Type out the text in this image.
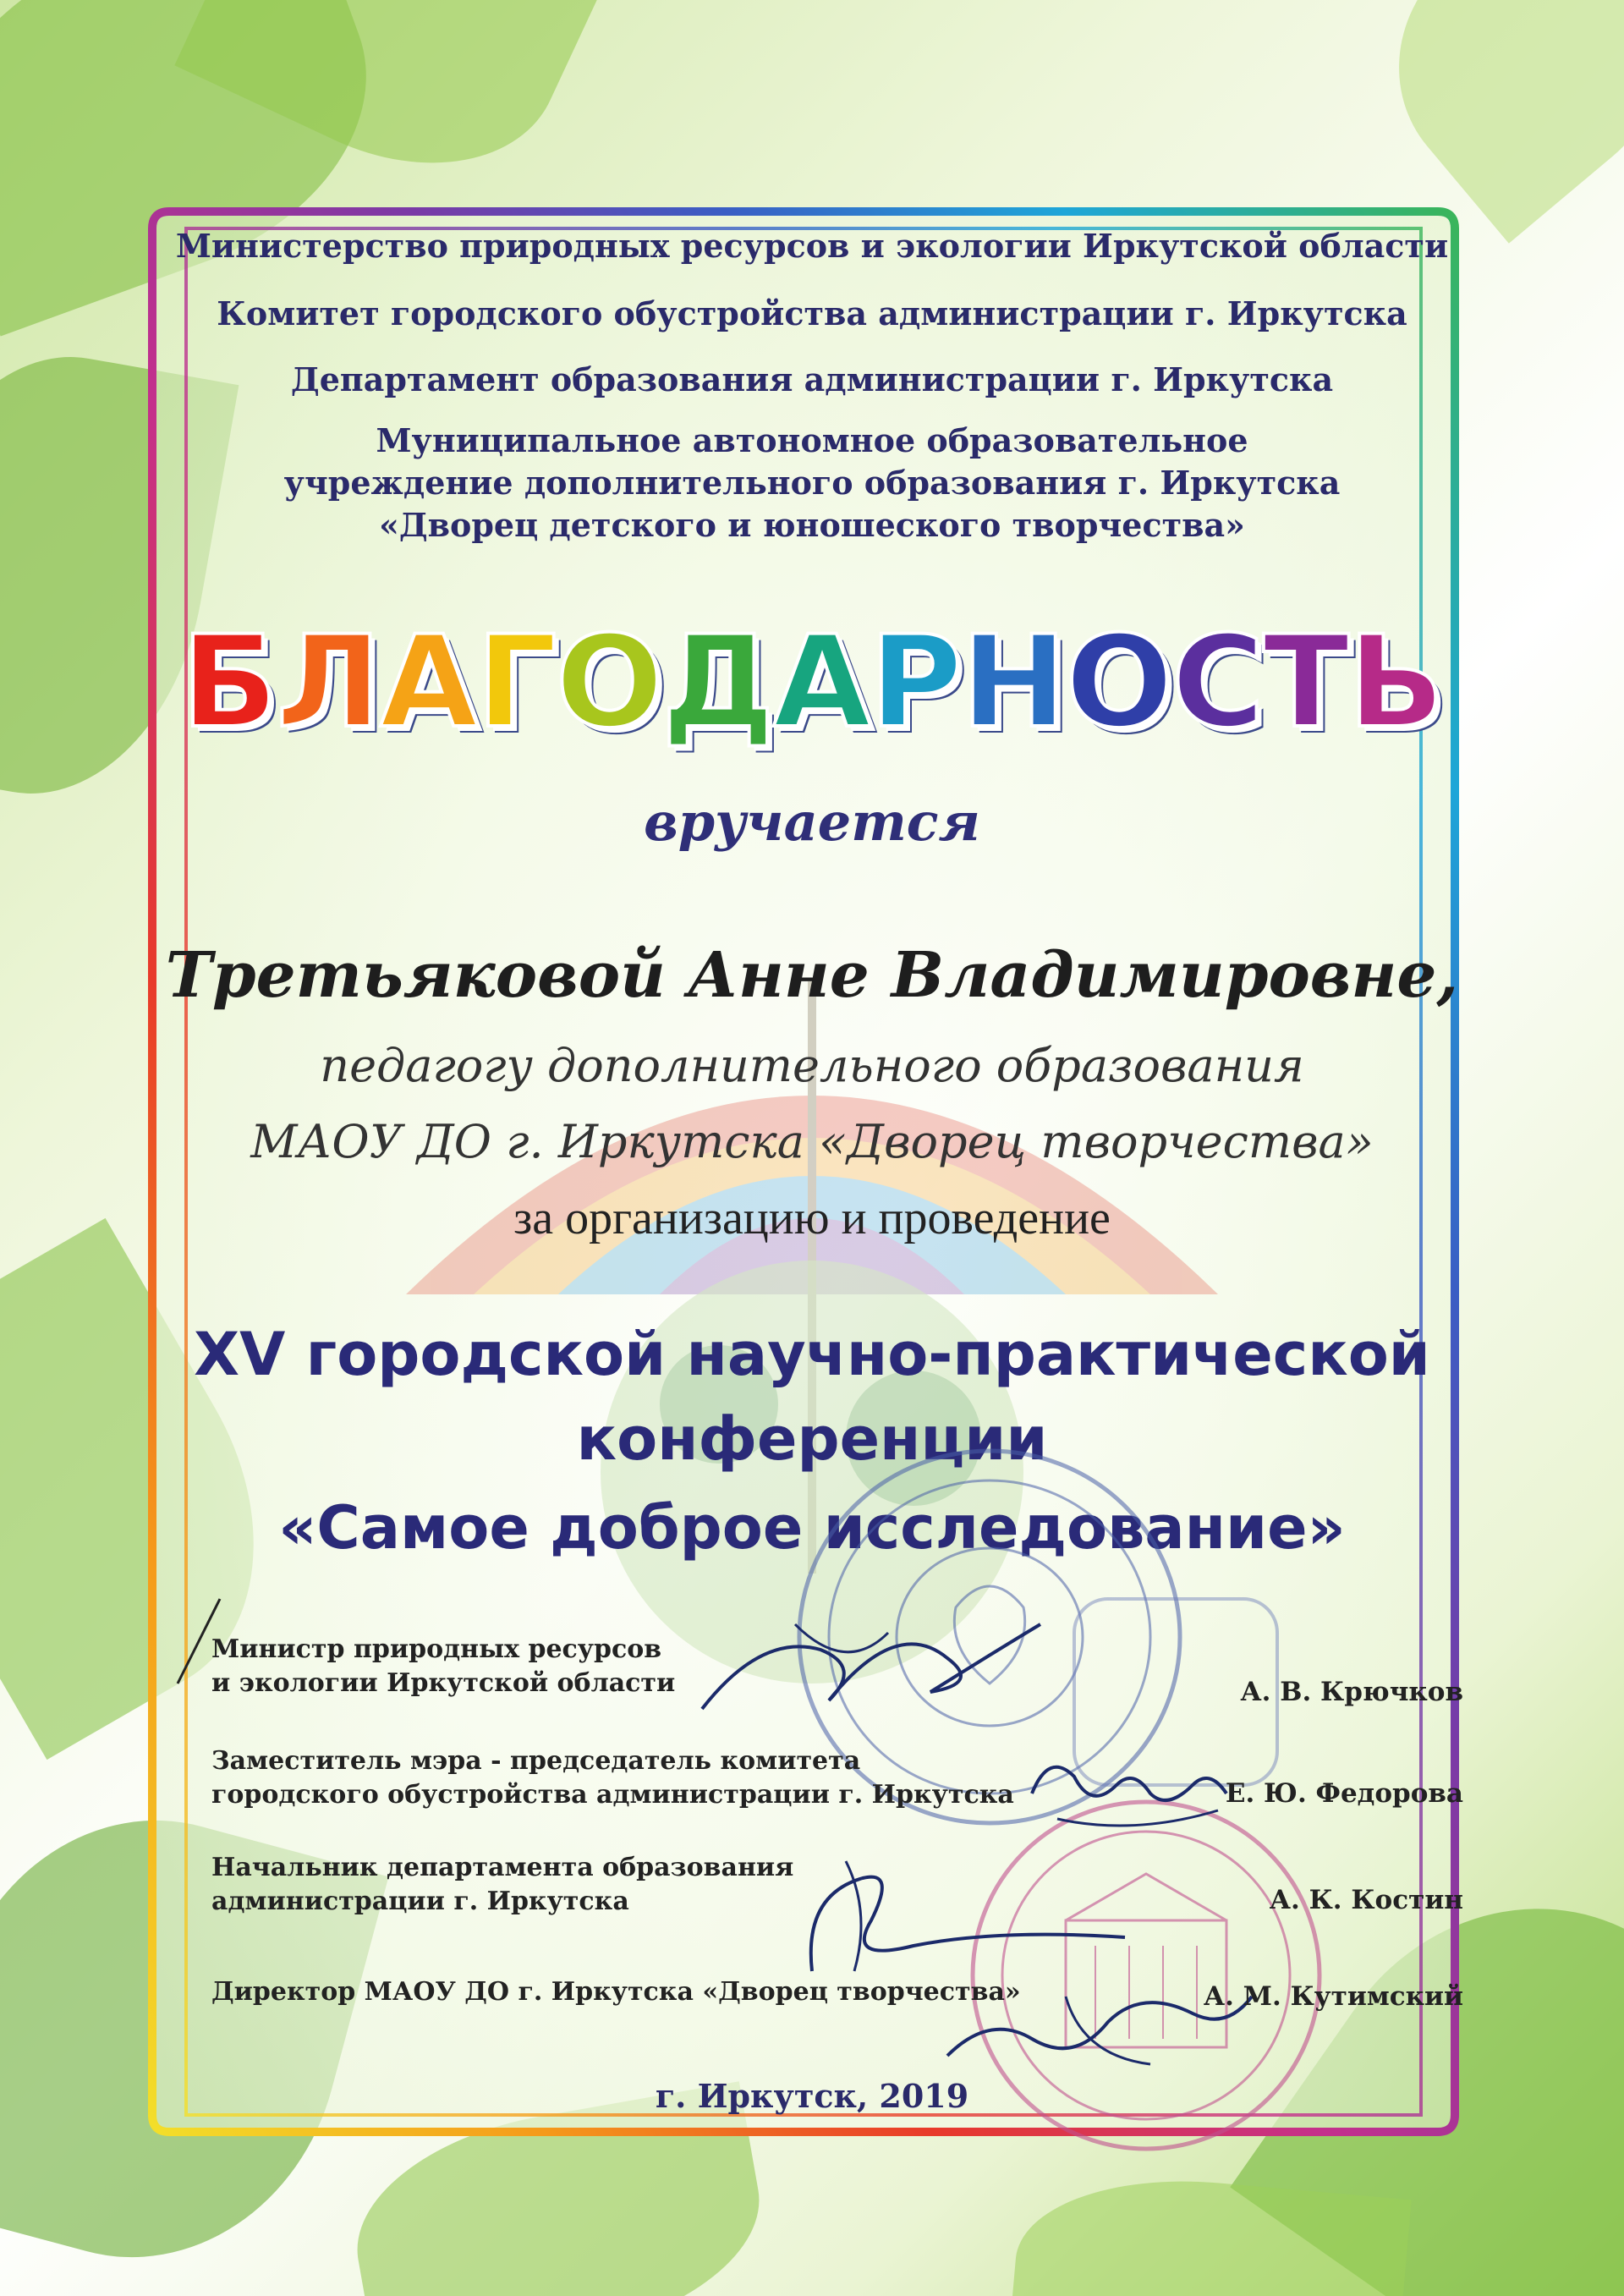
Министерство природных ресурсов и экологии Иркутской области
Комитет городского обустройства администрации г. Иркутска
Департамент образования администрации г. Иркутска
Муниципальное автономное образовательное
учреждение дополнительного образования г. Иркутска
«Дворец детского и юношеского творчества»
БЛАГОДАРНОСТЬ
вручается
Третьяковой Анне Владимировне,
педагогу дополнительного образования
МАОУ ДО г. Иркутска «Дворец творчества»
за организацию и проведение
XV городской научно-практической
конференции
«Самое доброе исследование»
Министр природных ресурсов
и экологии Иркутской области	А. В. Крючков
Заместитель мэра - председатель комитета
городского обустройства администрации г. Иркутска	Е. Ю. Федорова
Начальник департамента образования
администрации г. Иркутска	А. К. Костин
Директор МАОУ ДО г. Иркутска «Дворец творчества»	А. М. Кутимский
г. Иркутск, 2019
